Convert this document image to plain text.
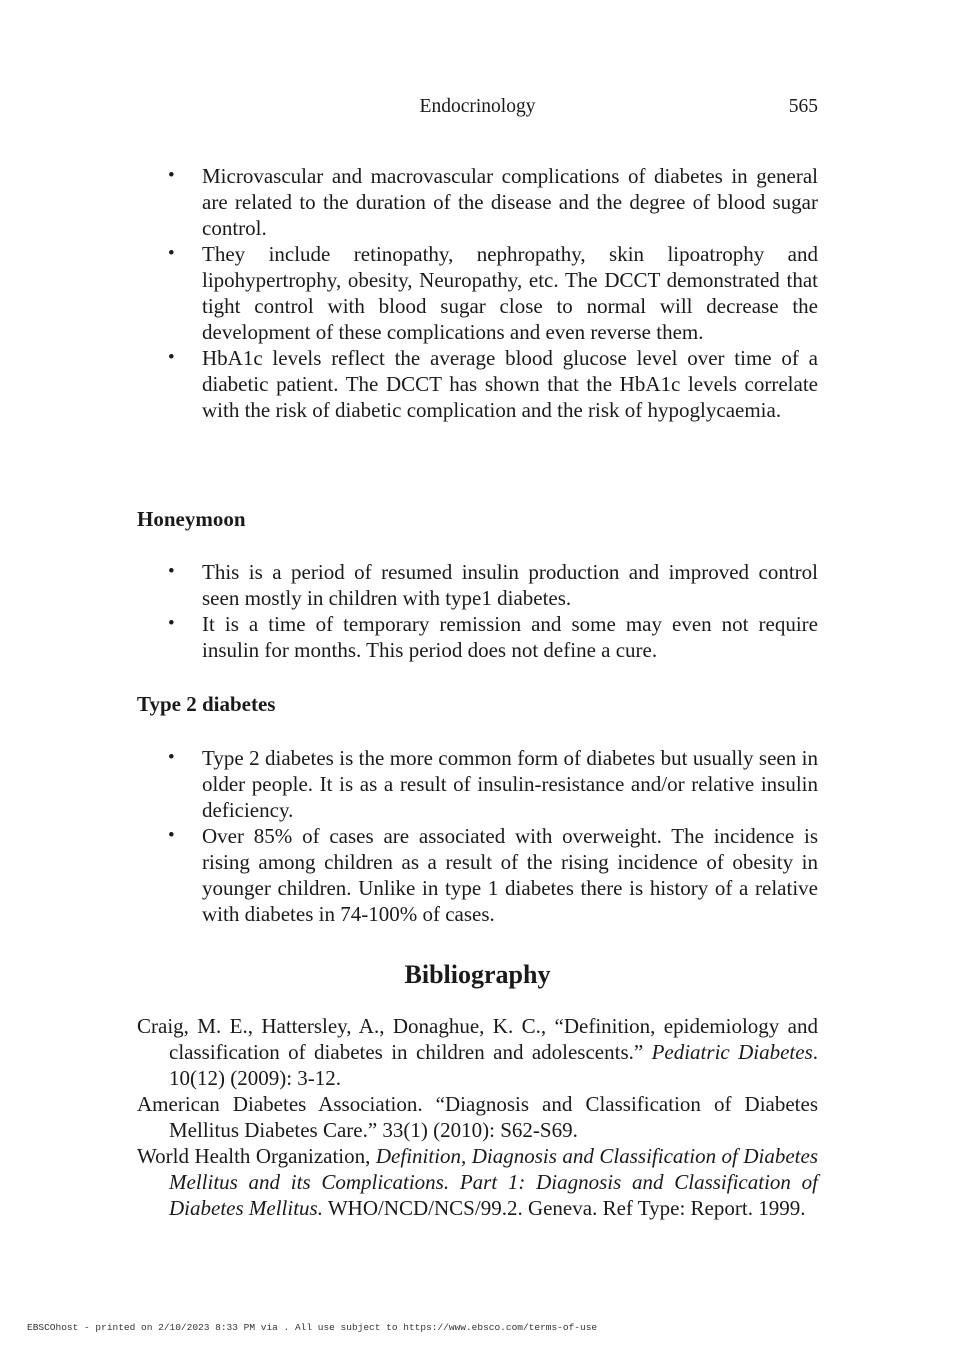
Endocrinology	565
• Microvascular and macrovascular complications of diabetes in general are related to the duration of the disease and the degree of blood sugar control.
• They include retinopathy, nephropathy, skin lipoatrophy and lipohypertrophy, obesity, Neuropathy, etc. The DCCT demonstrated that tight control with blood sugar close to normal will decrease the development of these complications and even reverse them.
• HbA1c levels reflect the average blood glucose level over time of a diabetic patient. The DCCT has shown that the HbA1c levels correlate with the risk of diabetic complication and the risk of hypoglycaemia.
Honeymoon
• This is a period of resumed insulin production and improved control seen mostly in children with type1 diabetes.
• It is a time of temporary remission and some may even not require insulin for months. This period does not define a cure.
Type 2 diabetes
• Type 2 diabetes is the more common form of diabetes but usually seen in older people. It is as a result of insulin-resistance and/or relative insulin deficiency.
• Over 85% of cases are associated with overweight. The incidence is rising among children as a result of the rising incidence of obesity in younger children. Unlike in type 1 diabetes there is history of a relative with diabetes in 74-100% of cases.
Bibliography
Craig, M. E., Hattersley, A., Donaghue, K. C., “Definition, epidemiology and classification of diabetes in children and adolescents.” Pediatric Diabetes. 10(12) (2009): 3-12.
American Diabetes Association. “Diagnosis and Classification of Diabetes Mellitus Diabetes Care.” 33(1) (2010): S62-S69.
World Health Organization, Definition, Diagnosis and Classification of Diabetes Mellitus and its Complications. Part 1: Diagnosis and Classification of Diabetes Mellitus. WHO/NCD/NCS/99.2. Geneva. Ref Type: Report. 1999.
EBSCOhost - printed on 2/10/2023 8:33 PM via . All use subject to https://www.ebsco.com/terms-of-use
